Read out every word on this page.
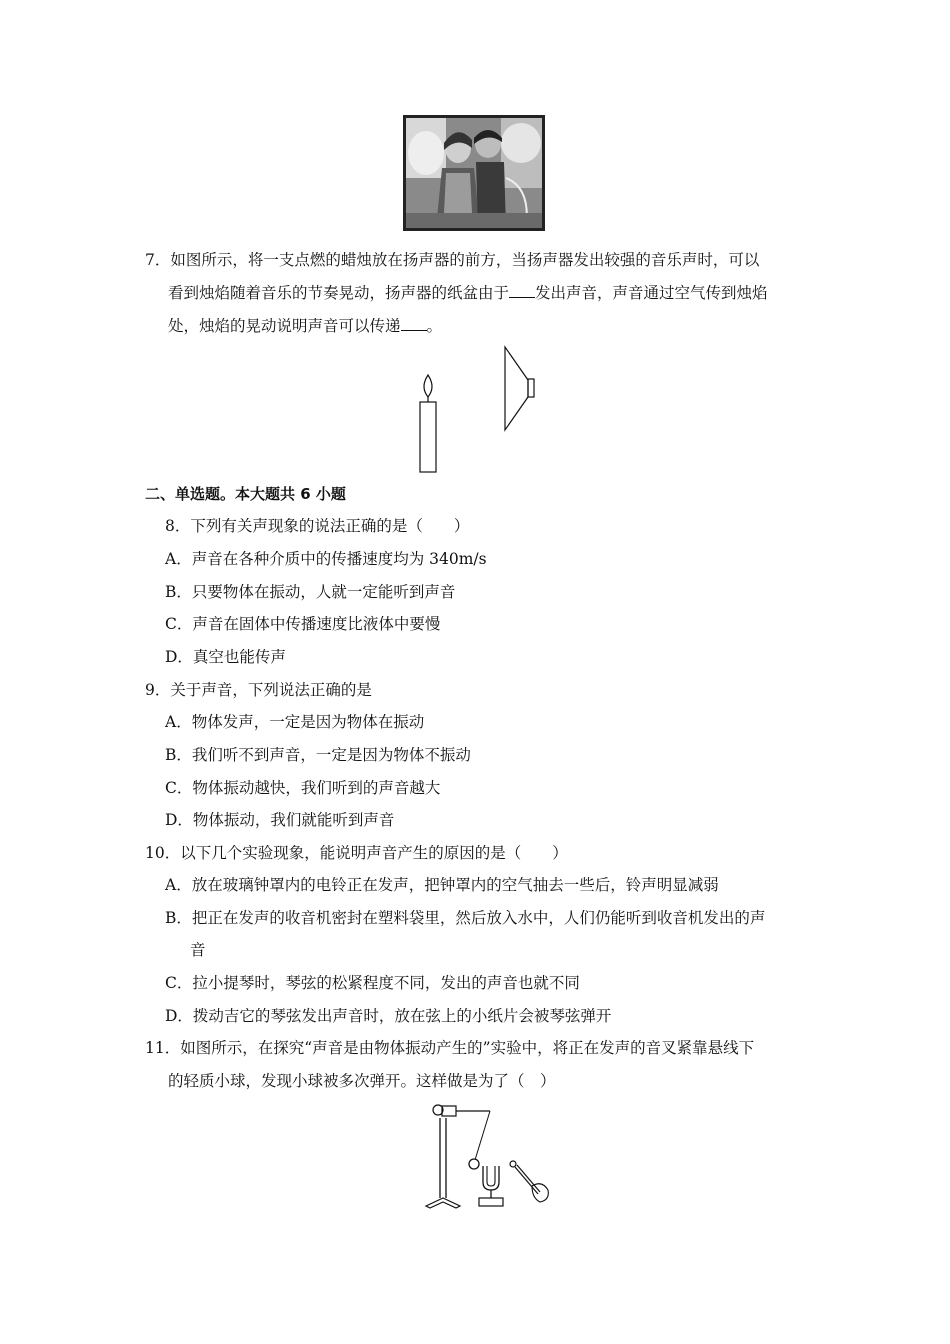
7．如图所示，将一支点燃的蜡烛放在扬声器的前方，当扬声器发出较强的音乐声时，可以
看到烛焰随着音乐的节奏晃动，扬声器的纸盆由于 发出声音，声音通过空气传到烛焰
处，烛焰的晃动说明声音可以传递 。
二、单选题。本大题共 6 小题
8．下列有关声现象的说法正确的是（　　）
A．声音在各种介质中的传播速度均为 340m/s
B．只要物体在振动，人就一定能听到声音
C．声音在固体中传播速度比液体中要慢
D．真空也能传声
9．关于声音，下列说法正确的是
A．物体发声，一定是因为物体在振动
B．我们听不到声音，一定是因为物体不振动
C．物体振动越快，我们听到的声音越大
D．物体振动，我们就能听到声音
10．以下几个实验现象，能说明声音产生的原因的是（　　）
A．放在玻璃钟罩内的电铃正在发声，把钟罩内的空气抽去一些后，铃声明显减弱
B．把正在发声的收音机密封在塑料袋里，然后放入水中，人们仍能听到收音机发出的声
音
C．拉小提琴时，琴弦的松紧程度不同，发出的声音也就不同
D．拨动吉它的琴弦发出声音时，放在弦上的小纸片会被琴弦弹开
11．如图所示，在探究“声音是由物体振动产生的”实验中，将正在发声的音叉紧靠悬线下
的轻质小球，发现小球被多次弹开。这样做是为了（　）
